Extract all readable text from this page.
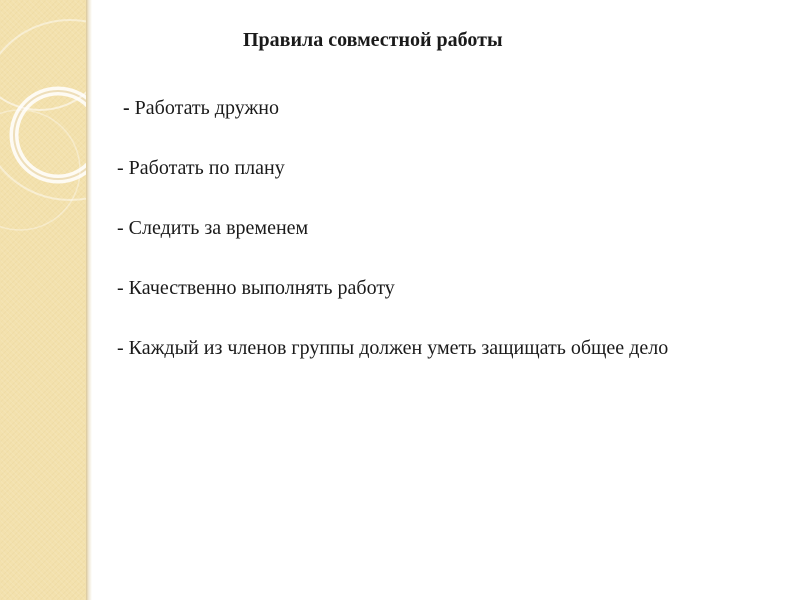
Правила совместной работы
- Работать дружно
- Работать по плану
- Следить за временем
- Качественно выполнять работу
- Каждый из членов группы должен уметь защищать общее дело
